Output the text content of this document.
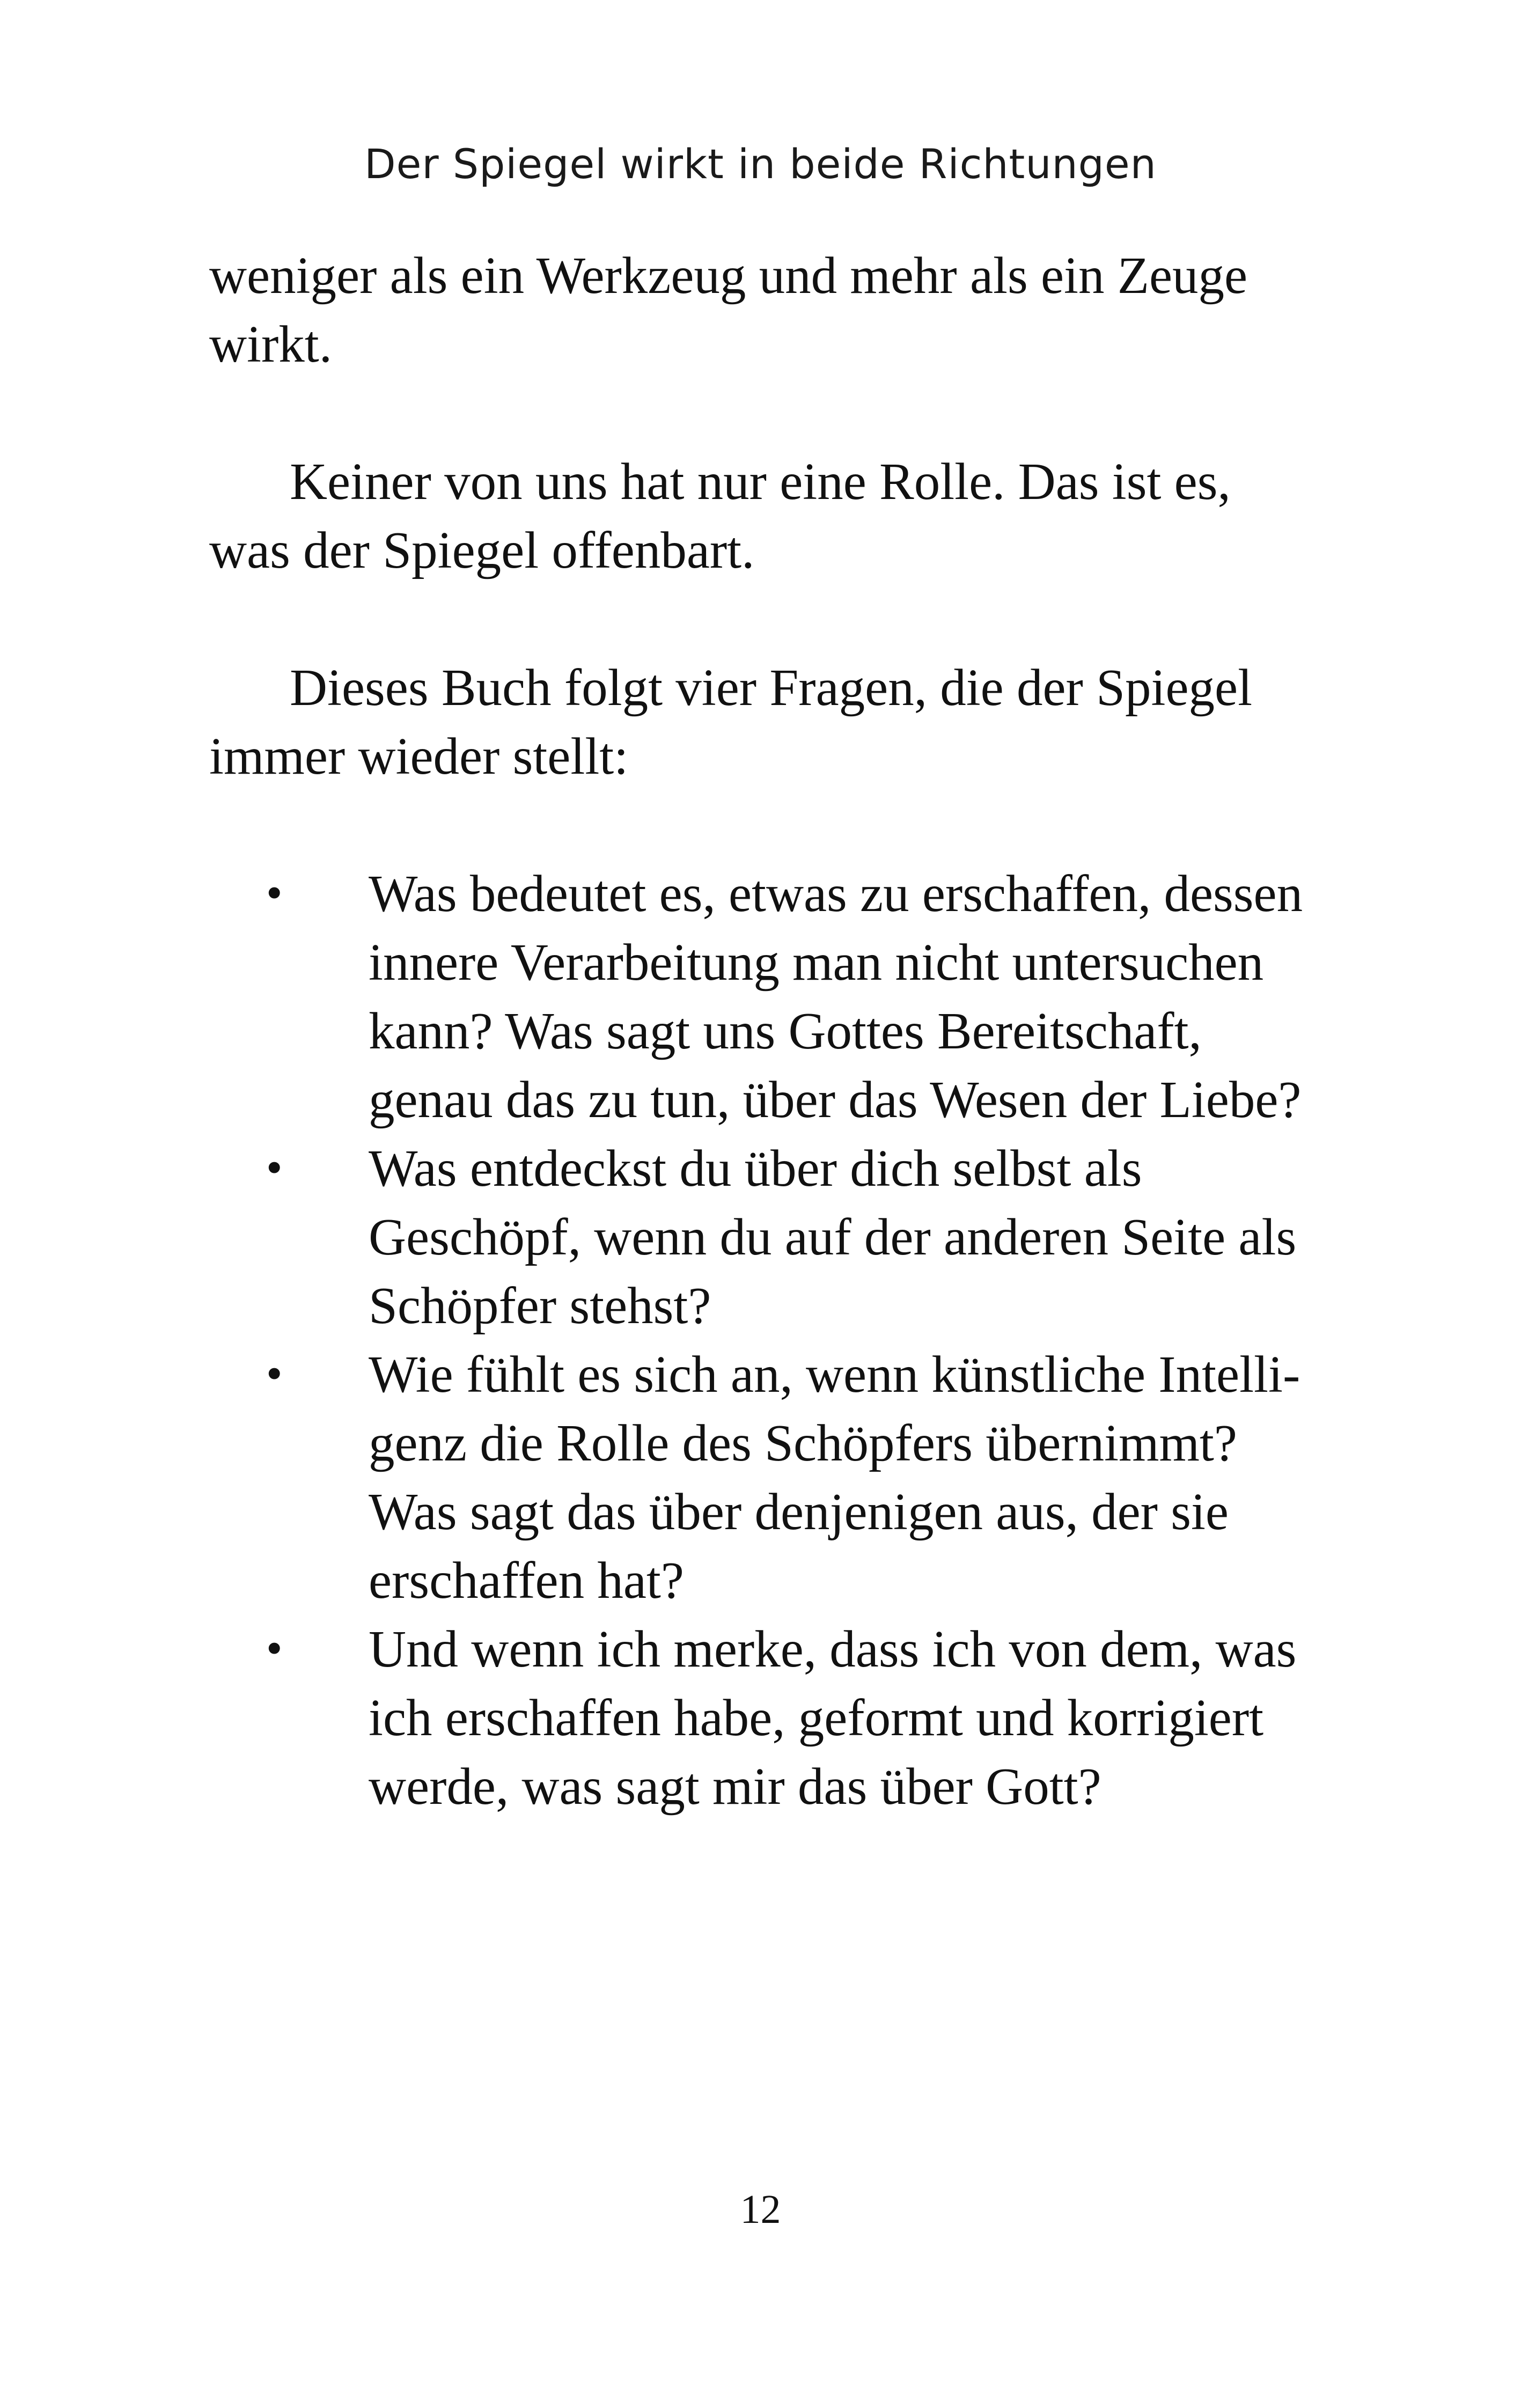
Der Spiegel wirkt in beide Richtungen

weniger als ein Werkzeug und mehr als ein Zeuge
wirkt.

Keiner von uns hat nur eine Rolle. Das ist es,
was der Spiegel offenbart.

Dieses Buch folgt vier Fragen, die der Spiegel
immer wieder stellt:

• Was bedeutet es, etwas zu erschaffen, dessen
innere Verarbeitung man nicht untersuchen
kann? Was sagt uns Gottes Bereitschaft,
genau das zu tun, über das Wesen der Liebe?
• Was entdeckst du über dich selbst als
Geschöpf, wenn du auf der anderen Seite als
Schöpfer stehst?
• Wie fühlt es sich an, wenn künstliche Intelli-
genz die Rolle des Schöpfers übernimmt?
Was sagt das über denjenigen aus, der sie
erschaffen hat?
• Und wenn ich merke, dass ich von dem, was
ich erschaffen habe, geformt und korrigiert
werde, was sagt mir das über Gott?
12
